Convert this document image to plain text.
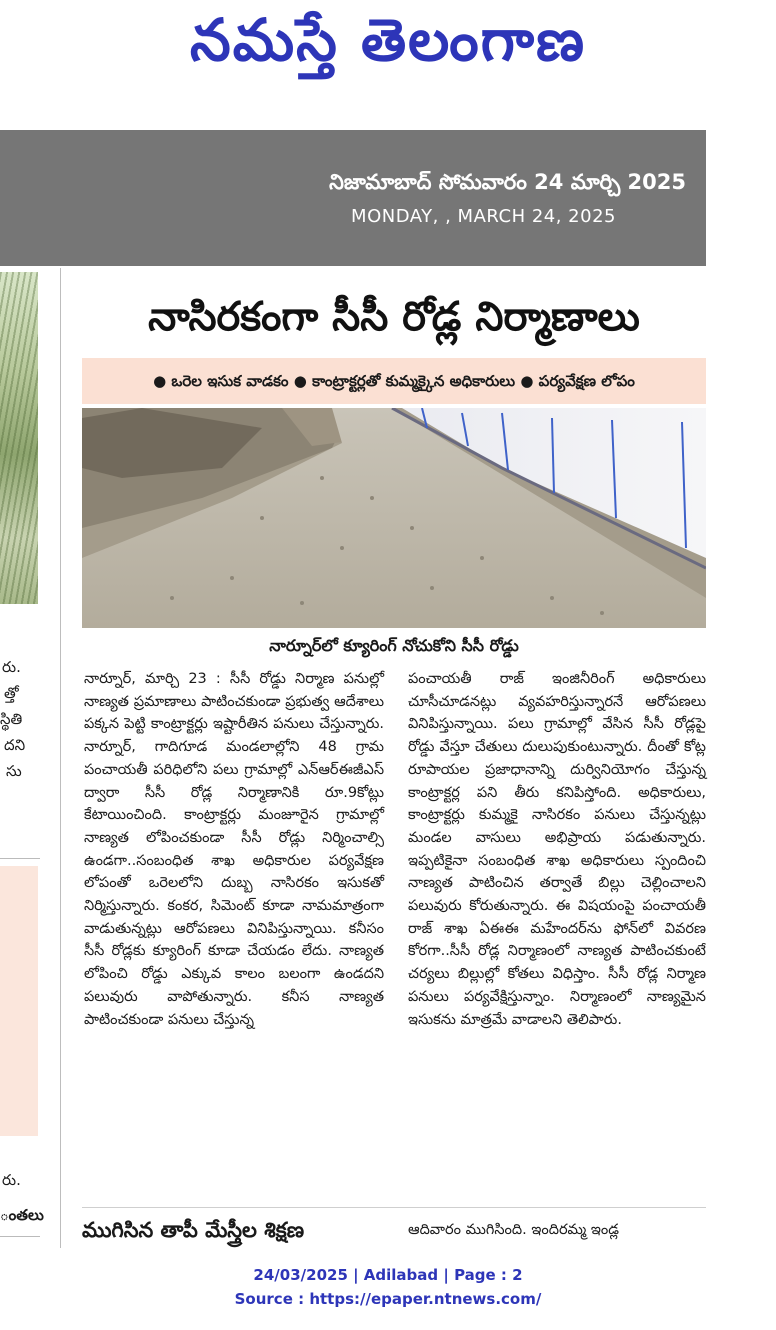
నమస్తే తెలంగాణ
నిజామాబాద్ సోమవారం 24 మార్చి 2025
MONDAY, , MARCH 24, 2025
రు.
త్తో
స్థితి
దని
సు
రు.
ంతలు
నాసిరకంగా సీసీ రోడ్ల నిర్మాణాలు
● ఒరెల ఇసుక వాడకం ● కాంట్రాక్టర్లతో కుమ్మక్కైన అధికారులు ● పర్యవేక్షణ లోపం
నార్నూర్‌లో క్యూరింగ్ నోచుకోని సీసీ రోడ్డు

నార్నూర్, మార్చి 23 : సీసీ రోడ్డు నిర్మాణ పనుల్లో నాణ్యత ప్రమాణాలు పాటించకుండా ప్రభుత్వ ఆదేశాలు పక్కన పెట్టి కాంట్రాక్టర్లు ఇష్టారీతిన పనులు చేస్తున్నారు. నార్నూర్, గాదిగూడ మండలాల్లోని 48 గ్రామ పంచాయతీ పరిధిలోని పలు గ్రామాల్లో ఎన్‌ఆర్‌ఈజీఎస్ ద్వారా సీసీ రోడ్ల నిర్మాణానికి రూ.9కోట్లు కేటాయించింది. కాంట్రాక్టర్లు మంజూరైన గ్రామాల్లో నాణ్యత లోపించకుండా సీసీ రోడ్లు నిర్మించాల్సి ఉండగా..సంబంధిత శాఖ అధికారుల పర్యవేక్షణ లోపంతో ఒరెలలోని దుబ్బ నాసిరకం ఇసుకతో నిర్మిస్తున్నారు. కంకర, సిమెంట్ కూడా నామమాత్రంగా వాడుతున్నట్లు ఆరోపణలు వినిపిస్తున్నాయి. కనీసం సీసీ రోడ్లకు క్యూరింగ్ కూడా చేయడం లేదు. నాణ్యత లోపించి రోడ్డు ఎక్కువ కాలం బలంగా ఉండదని పలువురు వాపోతున్నారు. కనీస నాణ్యత పాటించకుండా పనులు చేస్తున్న

పంచాయతీ రాజ్ ఇంజినీరింగ్ అధికారులు చూసీచూడనట్లు వ్యవహరిస్తున్నారనే ఆరోపణలు వినిపిస్తున్నాయి. పలు గ్రామాల్లో వేసిన సీసీ రోడ్లపై రోడ్డు వేస్తూ చేతులు దులుపుకుంటున్నారు. దీంతో కోట్ల రూపాయల ప్రజాధానాన్ని దుర్వినియోగం చేస్తున్న కాంట్రాక్టర్ల పని తీరు కనిపిస్తోంది. అధికారులు, కాంట్రాక్టర్లు కుమ్మకై నాసిరకం పనులు చేస్తున్నట్లు మండల వాసులు అభిప్రాయ పడుతున్నారు. ఇప్పటికైనా సంబంధిత శాఖ అధికారులు స్పందించి నాణ్యత పాటించిన తర్వాతే బిల్లు చెల్లించాలని పలువురు కోరుతున్నారు. ఈ విషయంపై పంచాయతీ రాజ్ శాఖ ఏఈఈ మహేందర్‌ను ఫోన్‌లో వివరణ కోరగా..సీసీ రోడ్ల నిర్మాణంలో నాణ్యత పాటించకుంటే చర్యలు బిల్లుల్లో కోతలు విధిస్తాం. సీసీ రోడ్ల నిర్మాణ పనులు పర్యవేక్షిస్తున్నాం. నిర్మాణంలో నాణ్యమైన ఇసుకను మాత్రమే వాడాలని తెలిపారు.

ముగిసిన తాపీ మేస్త్రీల శిక్షణ	ఆదివారం ముగిసింది. ఇందిరమ్మ ఇండ్ల
24/03/2025 | Adilabad | Page : 2
Source : https://epaper.ntnews.com/
